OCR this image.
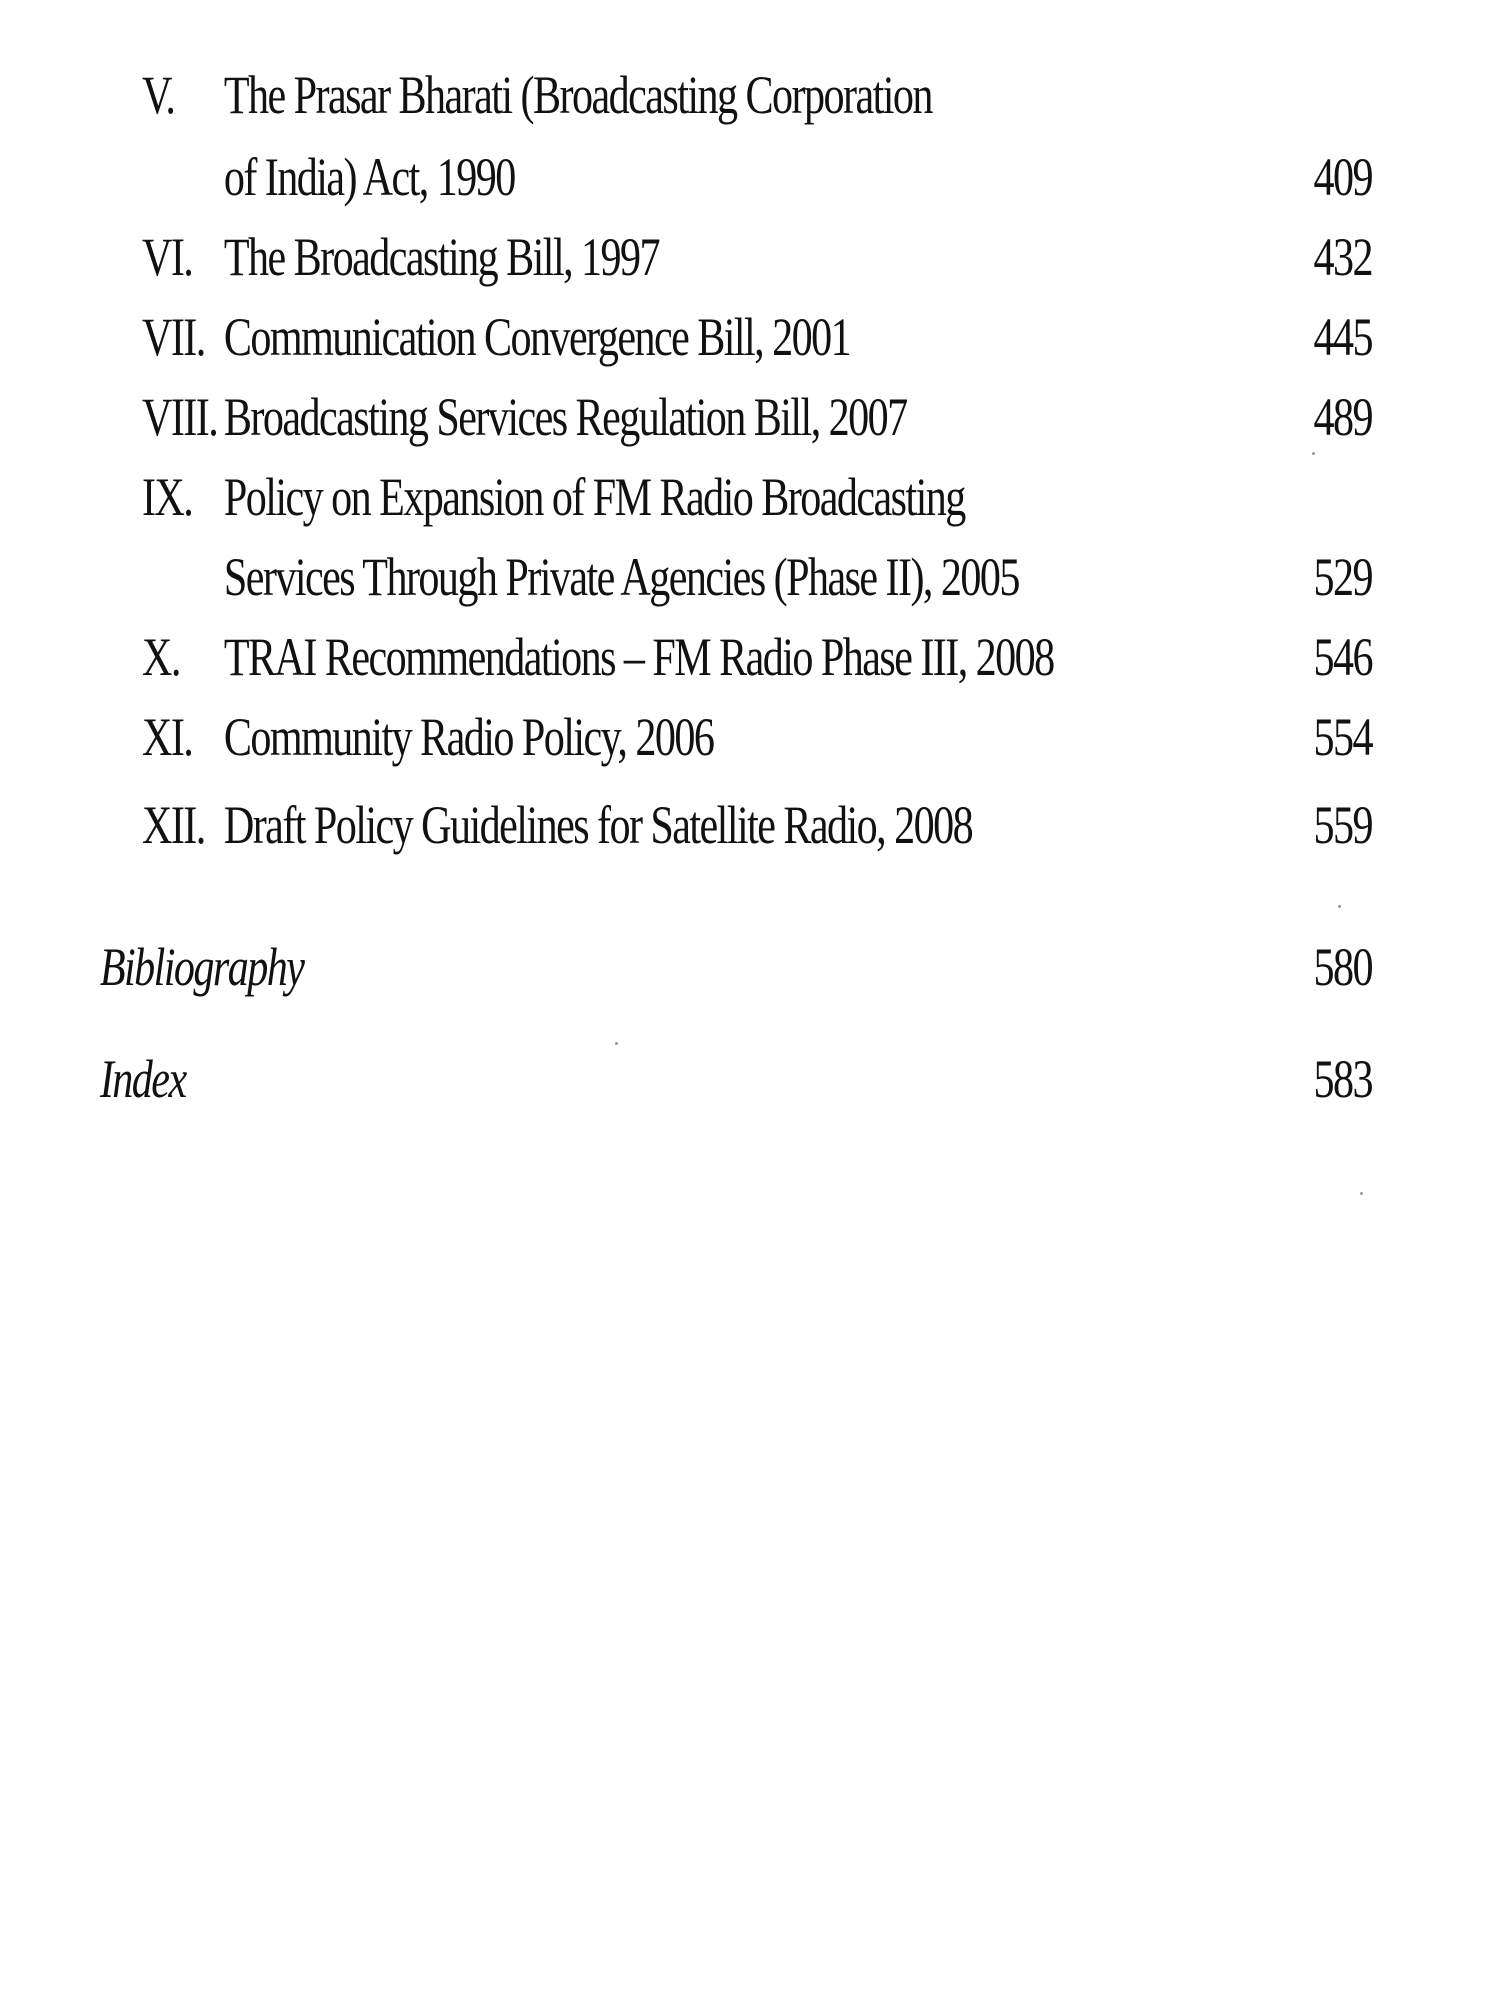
V. The Prasar Bharati (Broadcasting Corporation
of India) Act, 1990	409
VI. The Broadcasting Bill, 1997	432
VII. Communication Convergence Bill, 2001	445
VIII. Broadcasting Services Regulation Bill, 2007	489
IX. Policy on Expansion of FM Radio Broadcasting
Services Through Private Agencies (Phase II), 2005	529
X. TRAI Recommendations – FM Radio Phase III, 2008	546
XI. Community Radio Policy, 2006	554
XII. Draft Policy Guidelines for Satellite Radio, 2008	559
Bibliography	580
Index	583
